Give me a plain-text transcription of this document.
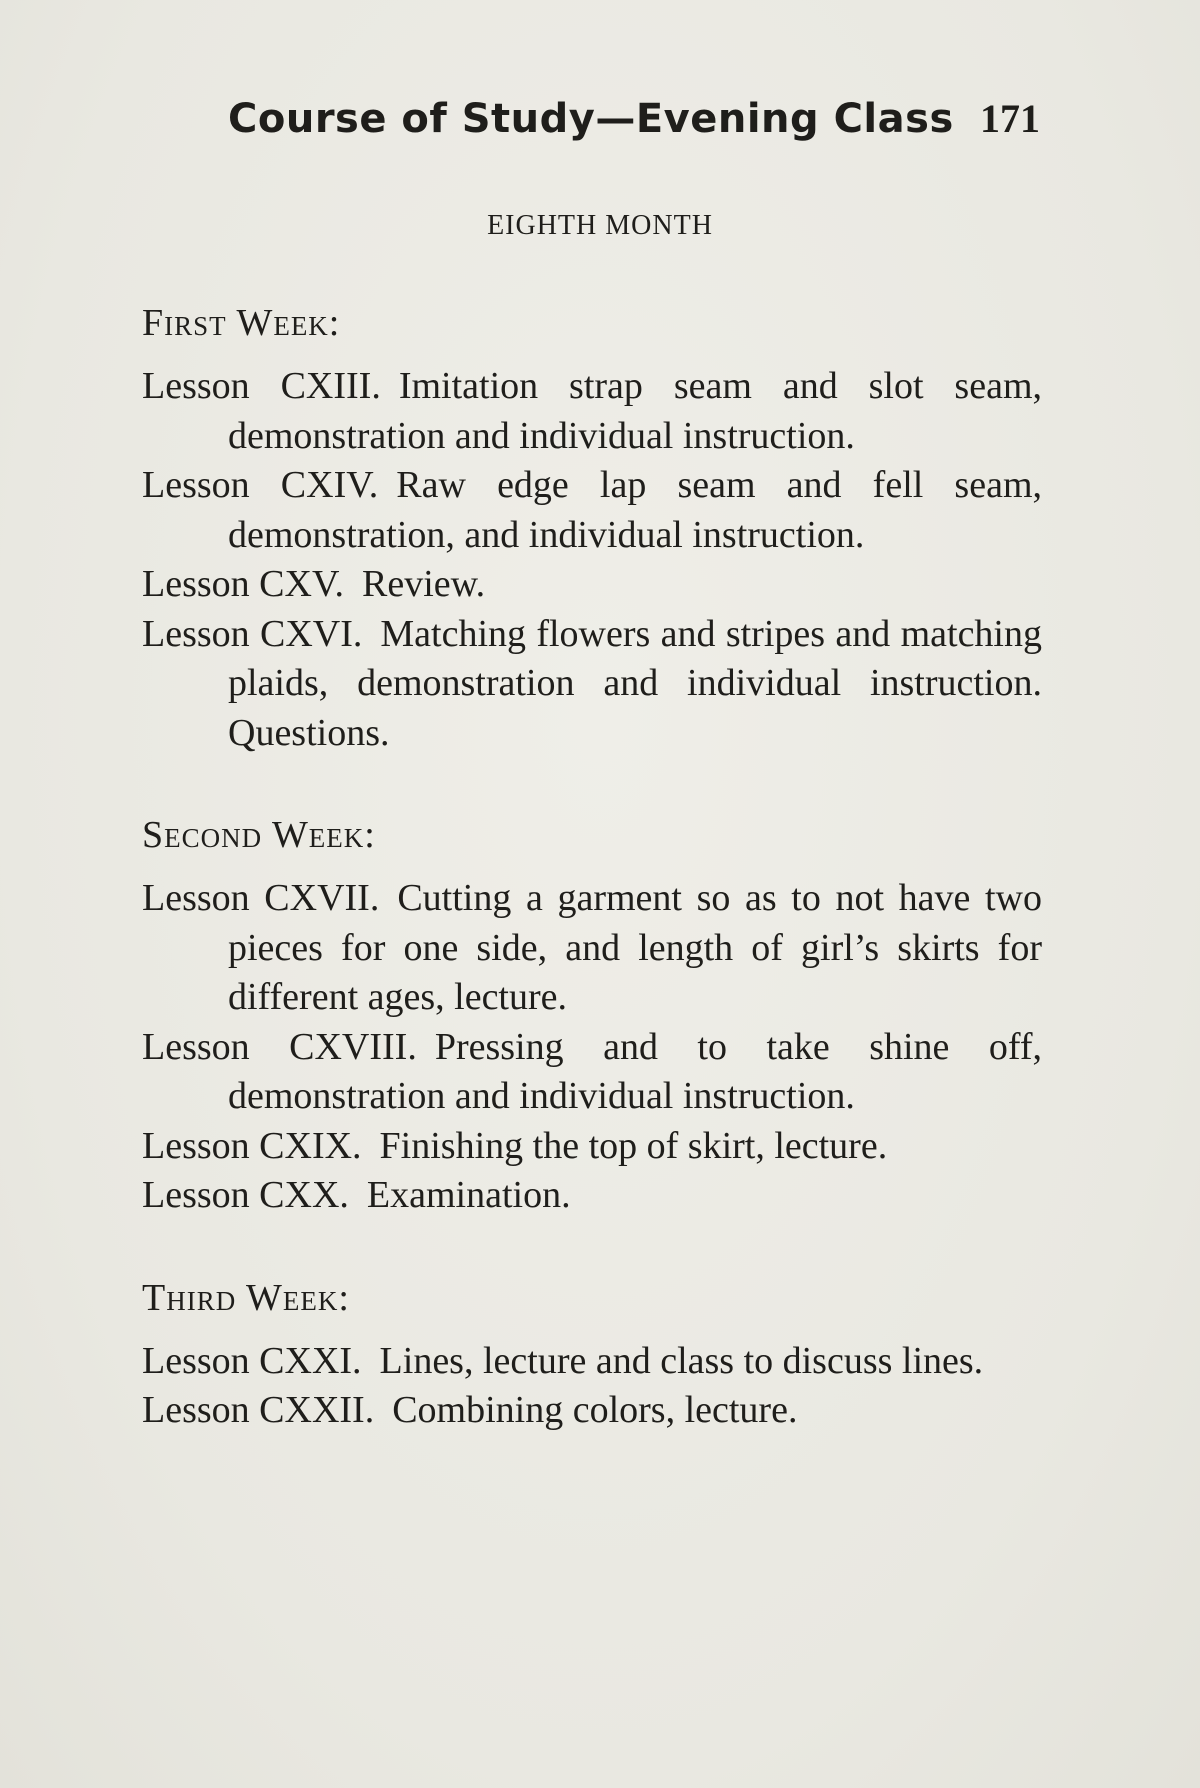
Course of Study—Evening Class 171
EIGHTH MONTH
First Week:
Lesson CXIII. Imitation strap seam and slot seam, demonstration and individual instruction.
Lesson CXIV. Raw edge lap seam and fell seam, demonstration, and individual instruction.
Lesson CXV. Review.
Lesson CXVI. Matching flowers and stripes and matching plaids, demonstration and individual instruction. Questions.
Second Week:
Lesson CXVII. Cutting a garment so as to not have two pieces for one side, and length of girl’s skirts for different ages, lecture.
Lesson CXVIII. Pressing and to take shine off, demonstration and individual instruction.
Lesson CXIX. Finishing the top of skirt, lecture.
Lesson CXX. Examination.
Third Week:
Lesson CXXI. Lines, lecture and class to discuss lines.
Lesson CXXII. Combining colors, lecture.
